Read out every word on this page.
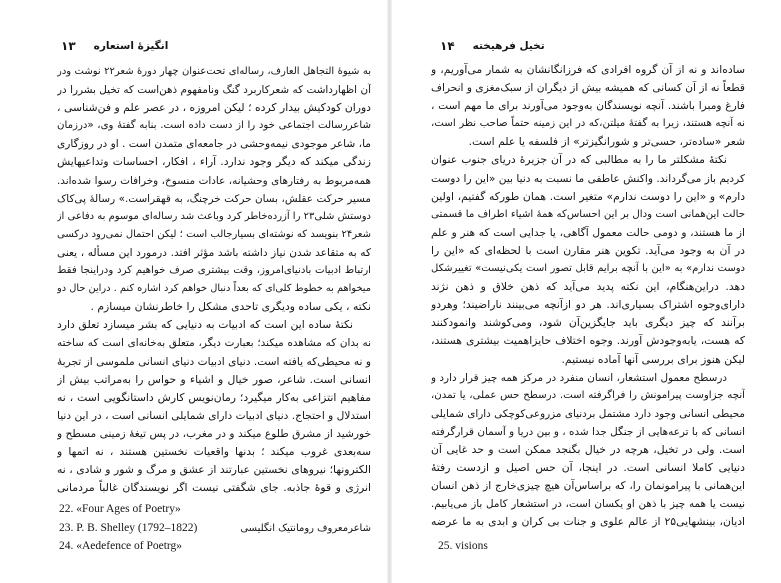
۱۳ انگیزهٔ استعاره
به شیوهٔ التجاهل العارف، رساله‌ای تحت‌عنوان چهار دورهٔ شعر۲۲ نوشت ودر
آن اظهارداشت که شعرکاربرد گنگ ونامفهوم ذهن‌است که تخیل بشررا در
دوران کودکیش بیدار کرده ؛ لیکن امروزه ، در عصر علم و فن‌شناسی ،
شاعررسالت اجتماعی خود را از دست داده است. بنابه گفتهٔ وی، «درزمان
ما، شاعر موجودی نیمه‌وحشی در جامعه‌ای متمدن است . او در روزگاری
زندگی میکند که دیگر وجود ندارد. آراء ، افکار، احساسات وتداعیهایش
همه‌مربوط به رفتارهای وحشیانه، عادات منسوخ، وخرافات رسوا شده‌اند.
مسیر حرکت عقلش، بسان حرکت خرچنگ، به قهقراست.» رسالهٔ پی‌کاک
دوستش شلی۲۳ را آزرده‌خاطر کرد وباعث شد رساله‌ای موسوم به دفاعی از
شعر۲۴ بنویسد که نوشته‌ای بسیارجالب است ؛ لیکن احتمال نمی‌رود درکسی
که به متقاعد شدن نیاز داشته باشد مؤثر افتد. درمورد این مسأله ، یعنی
ارتباط ادبیات بادنیای‌امروز، وقت بیشتری صرف خواهیم کرد ودراینجا فقط
میخواهم به خطوط کلی‌ای که بعداً دنبال خواهم کرد اشاره کنم . دراین حال دو
نکته ، یکی ساده ودیگری تاحدی مشکل را خاطرنشان میسازم .
نکتهٔ ساده این است که ادبیات به دنیایی که بشر میسازد تعلق دارد
نه بدان که مشاهده میکند؛ بعبارت دیگر، متعلق به‌خانه‌ای است که ساخته
و نه محیطی‌که یافته است. دنیای ادبیات دنیای انسانی ملموسی از تجربهٔ
انسانی است. شاعر، صور خیال و اشیاء و حواس را به‌مراتب بیش از
مفاهیم انتزاعی به‌کار میگیرد؛ رمان‌نویس کارش داستانگویی است ، نه
استدلال و احتجاج. دنیای ادبیات دارای شمایلی انسانی است ، در این دنیا
خورشید از مشرق طلوع میکند و در مغرب، در پس تیغهٔ زمینی مسطح و
سه‌بعدی غروب میکند ؛ بدنها واقعیات نخستین هستند ، نه اتمها و
الکترونها؛ نیروهای نخستین عبارتند از عشق و مرگ و شور و شادی ، نه
انرژی و قوهٔ جاذبه. جای شگفتی نیست اگر نویسندگان غالباً مردمانی
22. «Four Ages of Poetry»
23. P. B. Shelley (1792–1822)	شاعرمعروف رومانتیک انگلیسی
24. «Aedefence of Poetrg»
۱۴ تخیل فرهیخته
ساده‌اند و نه از آن گروه افرادی که فرزانگانشان به شمار می‌آوریم، و
قطعاً نه از آن کسانی که همیشه بیش از دیگران از سبک‌مغزی و انحراف
فارغ ومبرا باشند. آنچه نویسندگان به‌وجود می‌آورند برای ما مهم است ،
نه آنچه هستند، زیرا به گفتهٔ میلتن،که در این زمینه حتماً صاحب نظر است،
شعر «ساده‌تر، حسی‌تر و شورانگیزتر» از فلسفه یا علم است.
نکتهٔ مشکلتر ما را به مطالبی که در آن جزیرهٔ دریای جنوب عنوان
کردیم باز می‌گرداند. واکنش عاطفی ما نسبت به دنیا بین «این را دوست
دارم» و «این را دوست ندارم» متغیر است. همان طورکه گفتیم، اولین
حالت این‌همانی است ودال بر این احساس‌که همهٔ اشیاء اطراف ما قسمتی
از ما هستند، و دومی حالت معمول آگاهی، یا جدایی است که هنر و علم
در آن به وجود می‌آید. تکوین هنر مقارن است با لحظه‌ای که «این را
دوست ندارم» به «این با آنچه برایم قابل تصور است یکی‌نیست» تغییرشکل
دهد. دراین‌هنگام، این نکته پدید می‌آید که ذهن خلاق و ذهن نژند
دارای‌وجوه اشتراک بسیاری‌اند. هر دو ازآنچه می‌بینند ناراضیند؛ وهردو
برآنند که چیز دیگری باید جایگزین‌آن شود، ومی‌کوشند وانمودکنند
که هست، یابه‌وجودش آورند. وجوه اختلاف حایزاهمیت بیشتری هستند،
لیکن هنوز برای بررسی آنها آماده نیستیم.
درسطح معمول استشعار، انسان منفرد در مرکز همه چیز قرار دارد و
آنچه جزاوست پیرامونش را فراگرفته است. درسطح حس عملی، یا تمدن،
محیطی انسانی وجود دارد مشتمل بردنیای مزروعی‌کوچکی دارای شمایلی
انسانی که با ترعه‌هایی از جنگل جدا شده ، و بین دریا و آسمان قرارگرفته
است. ولی در تخیل، هرچه در خیال بگنجد ممکن است و حد غایی آن
دنیایی کاملا انسانی است. در اینجا، آن حس اصیل و ازدست رفتهٔ
این‌همانی با پیرامونمان را، که براساس‌آن هیچ چیزی‌خارج از ذهن انسان
نیست یا همه چیز با ذهن او یکسان است، در استشعار کامل باز می‌یابیم.
ادیان، بینشهایی۲۵ از عالم علوی و جنات بی کران و ابدی به ما عرضه
25. visions
